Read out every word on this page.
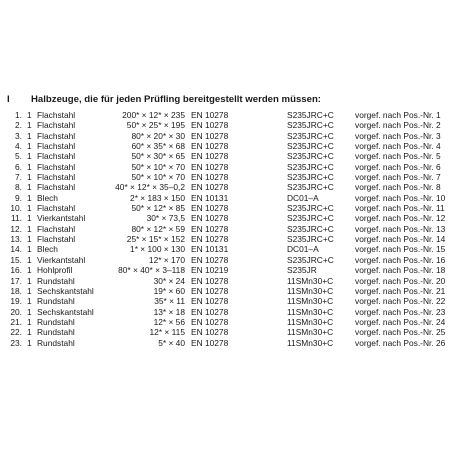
I Halbzeuge, die für jeden Prüfling bereitgestellt werden müssen:
1. 1 Flachstahl	200* × 12* × 235 EN 10278	S235JRC+C	vorgef. nach Pos.-Nr. 1
2. 1 Flachstahl	50* × 25* × 195 EN 10278	S235JRC+C	vorgef. nach Pos.-Nr. 2
3. 1 Flachstahl	80* × 20* × 30 EN 10278	S235JRC+C	vorgef. nach Pos.-Nr. 3
4. 1 Flachstahl	60* × 35* × 68 EN 10278	S235JRC+C	vorgef. nach Pos.-Nr. 4
5. 1 Flachstahl	50* × 30* × 65 EN 10278	S235JRC+C	vorgef. nach Pos.-Nr. 5
6. 1 Flachstahl	50* × 10* × 70 EN 10278	S235JRC+C	vorgef. nach Pos.-Nr. 6
7. 1 Flachstahl	50* × 10* × 70 EN 10278	S235JRC+C	vorgef. nach Pos.-Nr. 7
8. 1 Flachstahl	40* × 12* × 35–0,2 EN 10278	S235JRC+C	vorgef. nach Pos.-Nr. 8
9. 1 Blech	2* × 183 × 150 EN 10131	DC01–A	vorgef. nach Pos.-Nr. 10
10. 1 Flachstahl	50* × 12* × 85 EN 10278	S235JRC+C	vorgef. nach Pos.-Nr. 11
11. 1 Vierkantstahl	30* × 73,5 EN 10278	S235JRC+C	vorgef. nach Pos.-Nr. 12
12. 1 Flachstahl	80* × 12* × 59 EN 10278	S235JRC+C	vorgef. nach Pos.-Nr. 13
13. 1 Flachstahl	25* × 15* × 152 EN 10278	S235JRC+C	vorgef. nach Pos.-Nr. 14
14. 1 Blech	1* × 100 × 130 EN 10131	DC01–A	vorgef. nach Pos.-Nr. 15
15. 1 Vierkantstahl	12* × 170 EN 10278	S235JRC+C	vorgef. nach Pos.-Nr. 16
16. 1 Hohlprofil	80* × 40* × 3–118 EN 10219	S235JR	vorgef. nach Pos.-Nr. 18
17. 1 Rundstahl	30* × 24 EN 10278	11SMn30+C	vorgef. nach Pos.-Nr. 20
18. 1 Sechskantstahl	19* × 60 EN 10278	11SMn30+C	vorgef. nach Pos.-Nr. 21
19. 1 Rundstahl	35* × 11 EN 10278	11SMn30+C	vorgef. nach Pos.-Nr. 22
20. 1 Sechskantstahl	13* × 18 EN 10278	11SMn30+C	vorgef. nach Pos.-Nr. 23
21. 1 Rundstahl	12* × 56 EN 10278	11SMn30+C	vorgef. nach Pos.-Nr. 24
22. 1 Rundstahl	12* × 115 EN 10278	11SMn30+C	vorgef. nach Pos.-Nr. 25
23. 1 Rundstahl	5* × 40 EN 10278	11SMn30+C	vorgef. nach Pos.-Nr. 26
